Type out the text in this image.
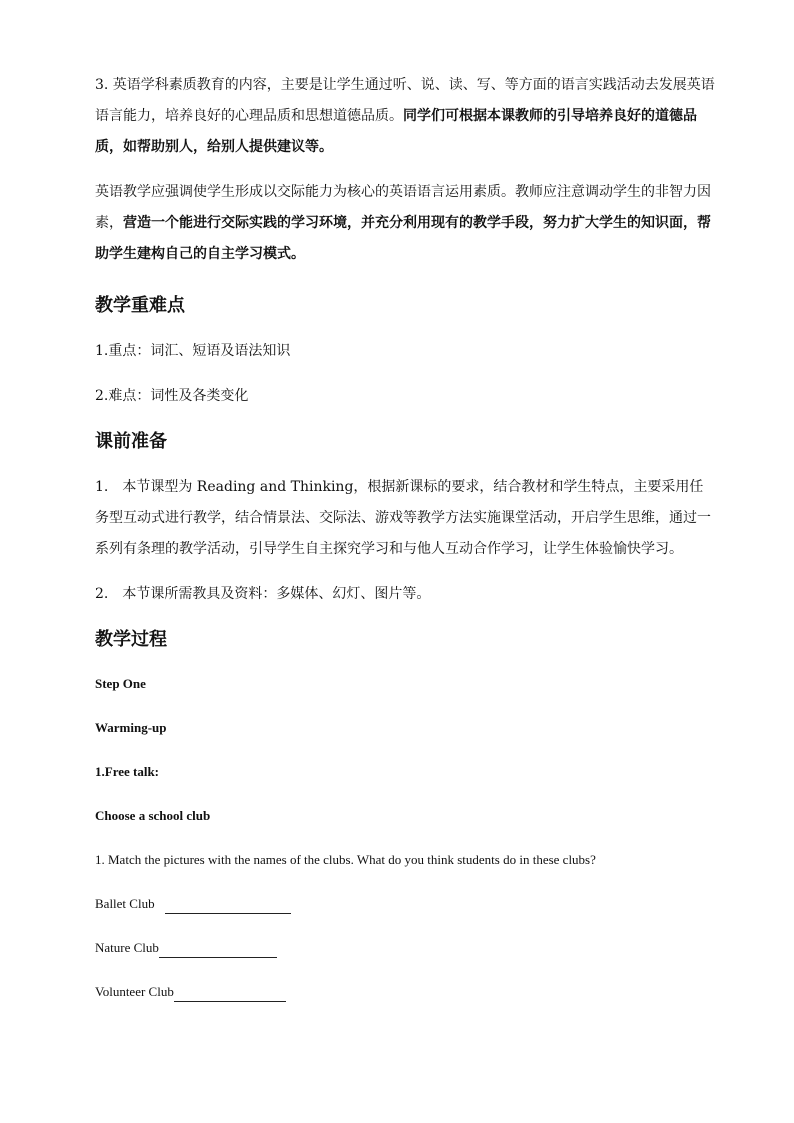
3. 英语学科素质教育的内容，主要是让学生通过听、说、读、写、等方面的语言实践活动去发展英语语言能力，培养良好的心理品质和思想道德品质。同学们可根据本课教师的引导培养良好的道德品质，如帮助别人，给别人提供建议等。

英语教学应强调使学生形成以交际能力为核心的英语语言运用素质。教师应注意调动学生的非智力因素，营造一个能进行交际实践的学习环境，并充分利用现有的教学手段，努力扩大学生的知识面，帮助学生建构自己的自主学习模式。

教学重难点

1.重点：词汇、短语及语法知识

2.难点：词性及各类变化

课前准备

1.　本节课型为 Reading and Thinking，根据新课标的要求，结合教材和学生特点，主要采用任务型互动式进行教学，结合情景法、交际法、游戏等教学方法实施课堂活动，开启学生思维，通过一系列有条理的教学活动，引导学生自主探究学习和与他人互动合作学习，让学生体验愉快学习。

2.　本节课所需教具及资料：多媒体、幻灯、图片等。

教学过程
Step One
Warming-up
1.Free talk:
Choose a school club
1. Match the pictures with the names of the clubs. What do you think students do in these clubs?
Ballet Club
Nature Club
Volunteer Club
